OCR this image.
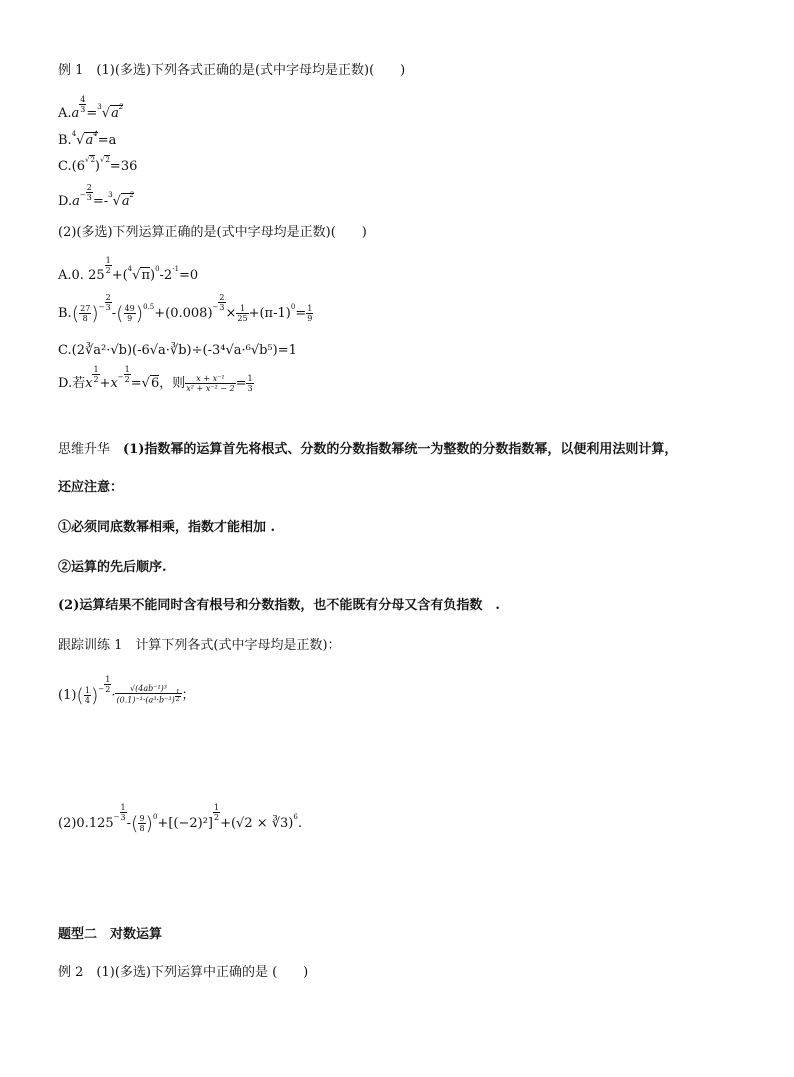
例 1　(1)(多选)下列各式正确的是(式中字母均是正数)(　　)
$A.a \frac{4}{3} =^3√a^2$
$B.^4√a^4=a$
$C.(6^{√2})^{√2}=36$
$D.a^- \frac{2}{3} =-^3√a^2$
(2)(多选)下列运算正确的是(式中字母均是正数)(　　)
A.0. 25
$\frac{1}{2}$
$+(^4√\pi)^0-2^{-1}=0$
$B.( \frac{27}{8} )^- \frac{2}{3}$
-( $\frac{49}{9} )^{0.5}+(0.008)^- \frac{2}{3}$
× $\frac{1}{25} +(\pi-1)^0= \frac{1}{9}$
C.(2∛a²·√b)(-6√a·∛b)÷(-3⁴√a·⁶√b⁵)=1
D.若x $\frac{1}{2} +x^- \frac{1}{2} =√6$，则 $\frac{\text{x + x⁻¹}}{\text{x² + x⁻² − 2}} = \frac{1}{3}$
思维升华　(1)指数幂的运算首先将根式、分数的分数指数幂统一为整数的分数指数幂，以便利用法则计算，
还应注意：
①必须同底数幂相乘，指数才能相加 .
②运算的先后顺序.
(2)运算结果不能同时含有根号和分数指数，也不能既有分母又含有负指数　.
跟踪训练 1　计算下列各式(式中字母均是正数)：
$(1)( \frac{1}{4} )^- \frac{1}{2}$
· $\frac{\text{√(4ab⁻¹)³}}{(0.1)^{-1}\cdot(a^3\cdot b^{-3}) \frac{1}{2}}$ ；
$(2)0.125^- \frac{1}{3}$
-( $\frac{9}{8} )^0+[(-2)^2]$
$\frac{1}{2}$
+(√2 × ∛3)$^6$.
题型二　对数运算
例 2　(1)(多选)下列运算中正确的是 (　　)
